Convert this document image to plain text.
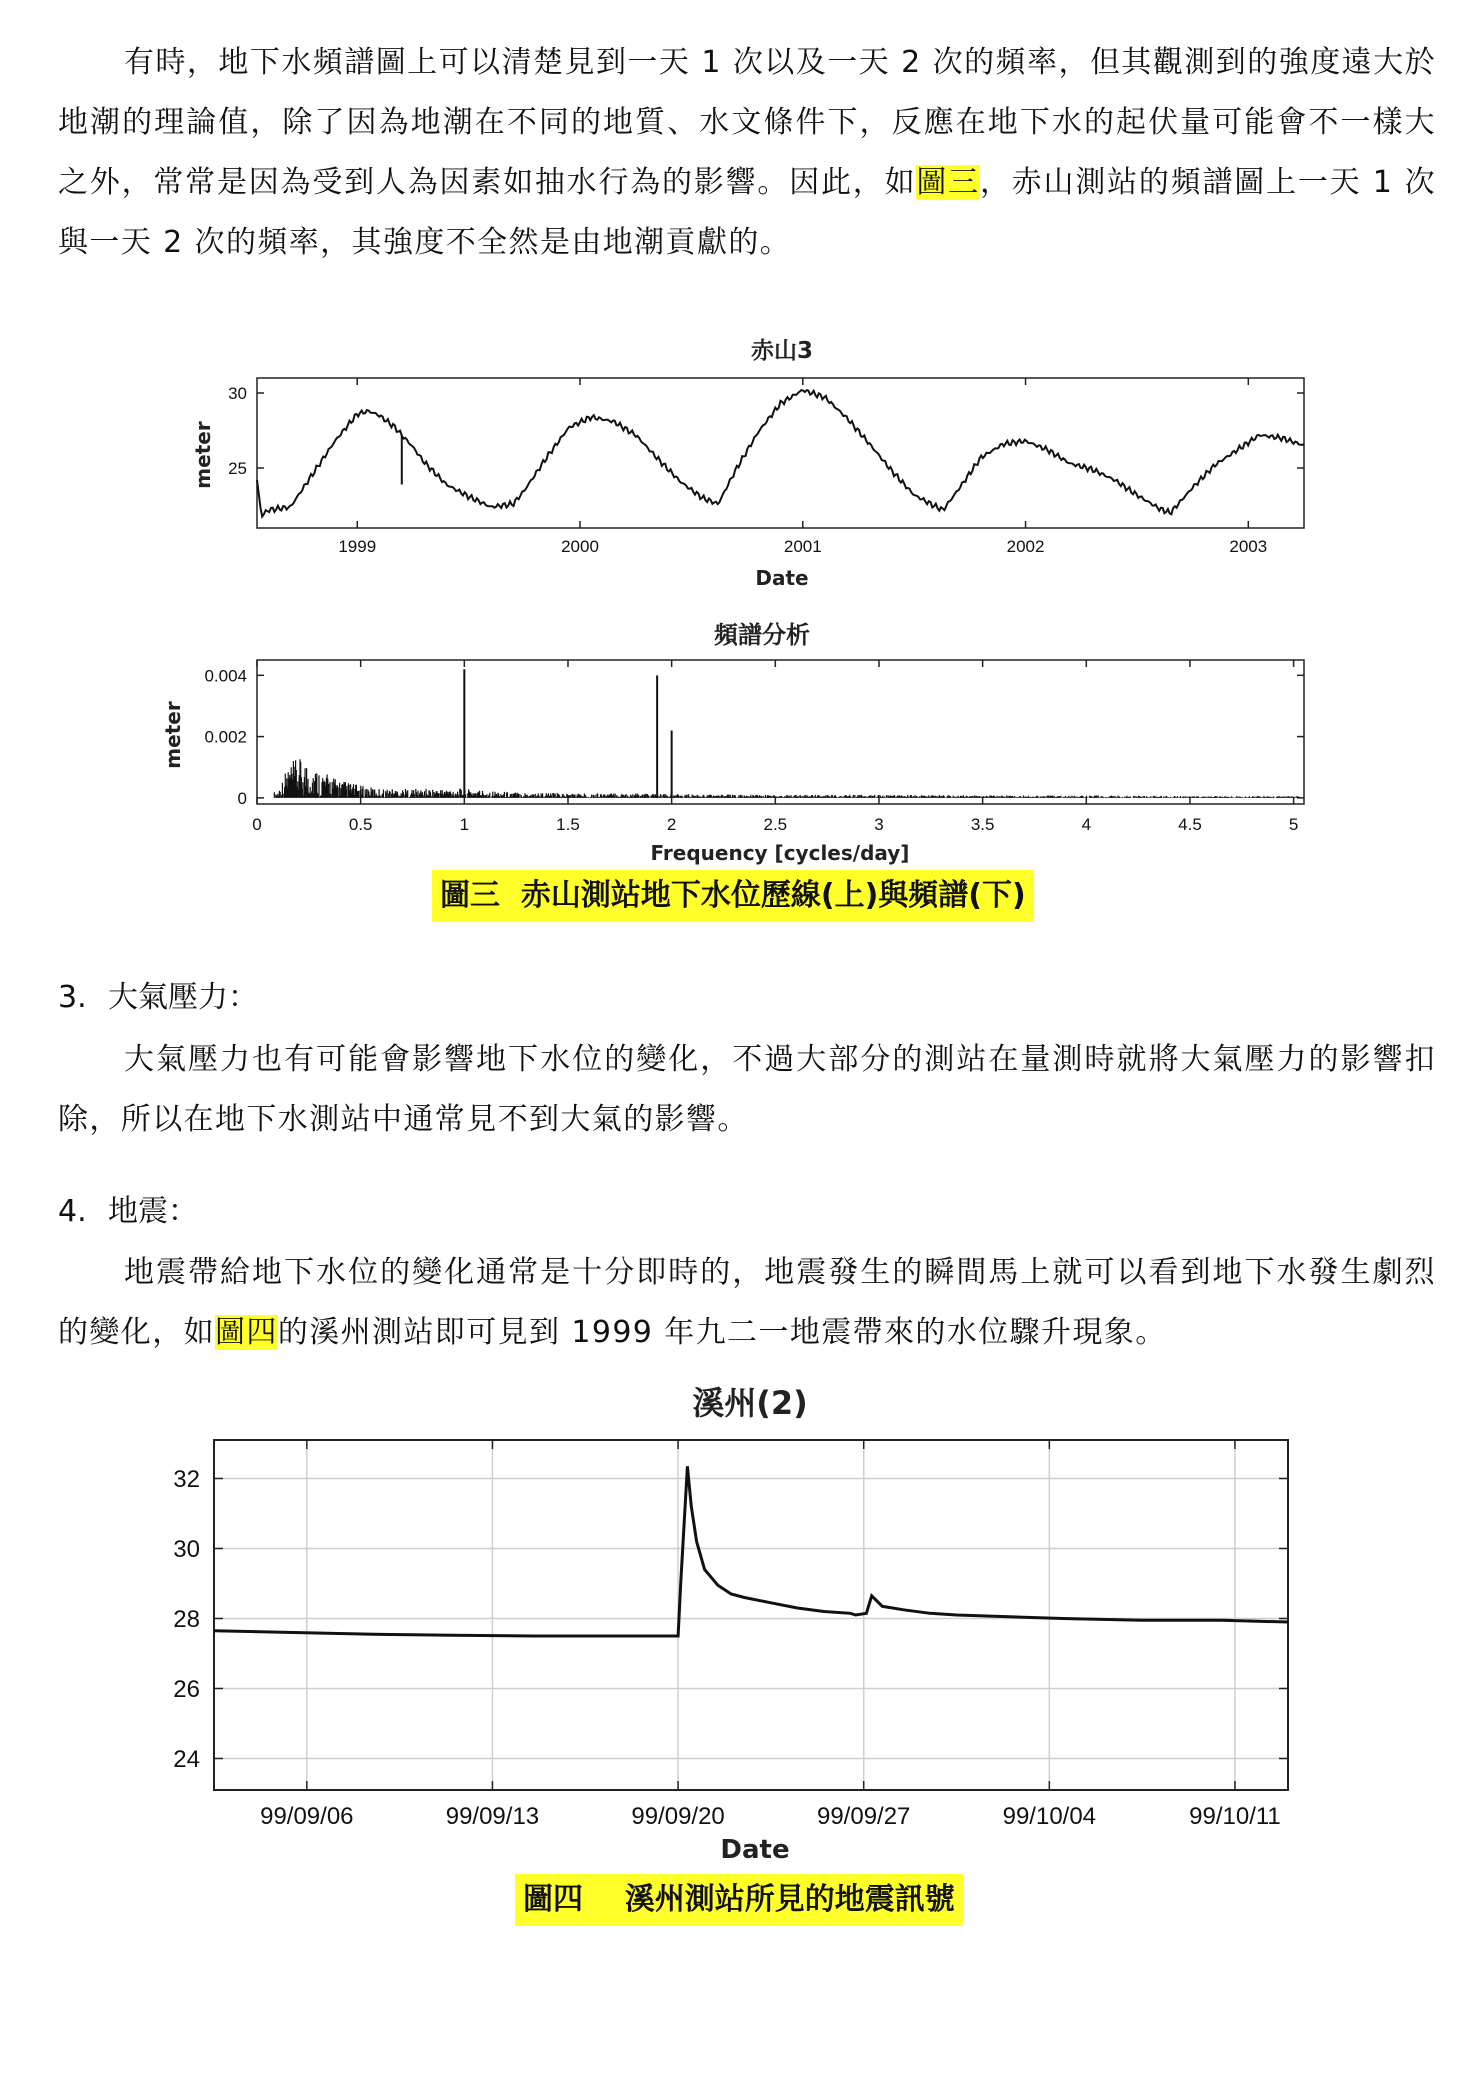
有時，地下水頻譜圖上可以清楚見到一天 1 次以及一天 2 次的頻率，但其觀測到的強度遠大於地潮的理論值，除了因為地潮在不同的地質、水文條件下，反應在地下水的起伏量可能會不一樣大之外，常常是因為受到人為因素如抽水行為的影響。因此，如圖三，赤山測站的頻譜圖上一天 1 次與一天 2 次的頻率，其強度不全然是由地潮貢獻的。

赤山3
1999	2000	2001	2002	2003
25
30
meter
Date
頻譜分析
0	0.5	1	1.5	2	2.5	3	3.5	4	4.5	5
0
0.002
0.004
meter
Frequency [cycles/day]
圖三  赤山測站地下水位歷線(上)與頻譜(下)

3. 大氣壓力：

大氣壓力也有可能會影響地下水位的變化，不過大部分的測站在量測時就將大氣壓力的影響扣除，所以在地下水測站中通常見不到大氣的影響。

4. 地震：

地震帶給地下水位的變化通常是十分即時的，地震發生的瞬間馬上就可以看到地下水發生劇烈的變化，如圖四的溪州測站即可見到 1999 年九二一地震帶來的水位驟升現象。

溪州(2)
99/09/06	99/09/13	99/09/20	99/09/27	99/10/04	99/10/11
24
26
28
30
32
Date
圖四    溪州測站所見的地震訊號
